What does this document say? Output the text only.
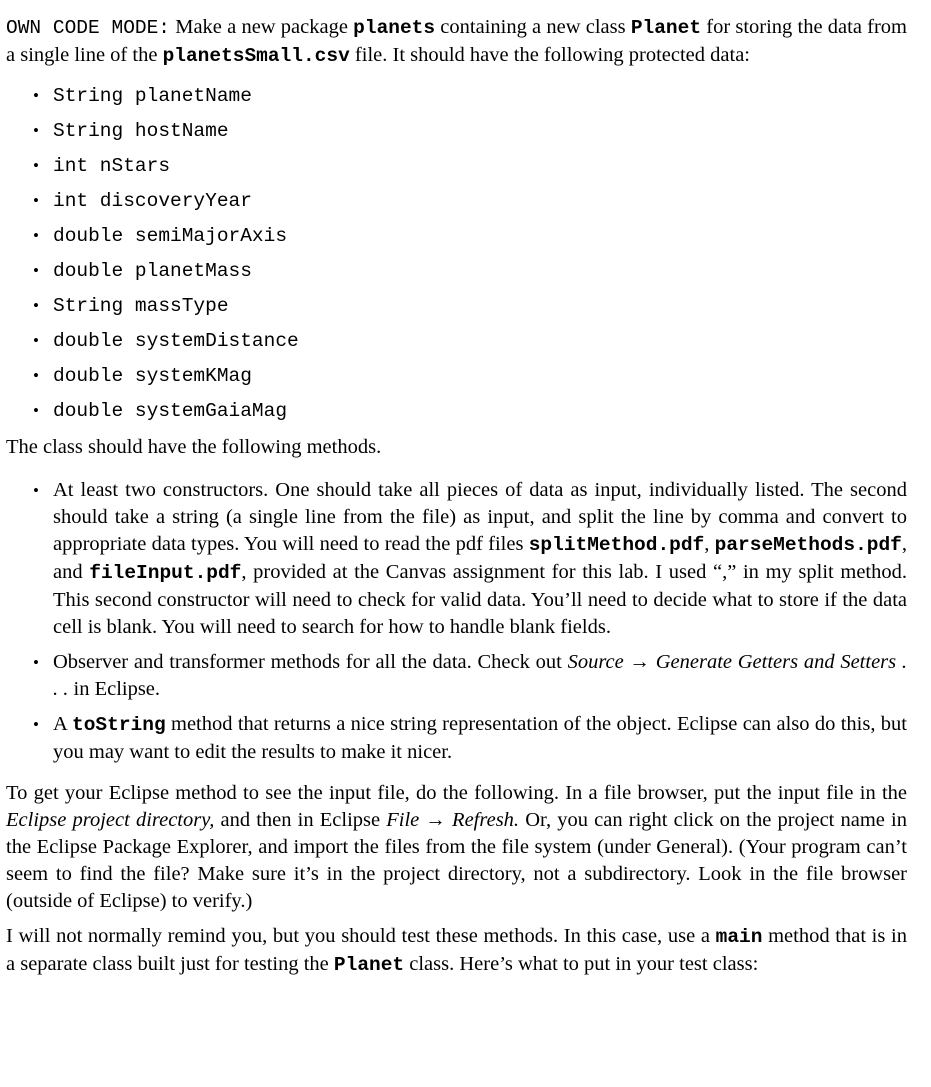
OWN CODE MODE: Make a new package planets containing a new class Planet for storing the data from a single line of the planetsSmall.csv file. It should have the following protected data:

• String planetName
• String hostName
• int nStars
• int discoveryYear
• double semiMajorAxis
• double planetMass
• String massType
• double systemDistance
• double systemKMag
• double systemGaiaMag

The class should have the following methods.

• At least two constructors. One should take all pieces of data as input, individually listed. The second should take a string (a single line from the file) as input, and split the line by comma and convert to appropriate data types. You will need to read the pdf files splitMethod.pdf, parseMethods.pdf, and fileInput.pdf, provided at the Canvas assignment for this lab. I used “,” in my split method. This second constructor will need to check for valid data. You’ll need to decide what to store if the data cell is blank. You will need to search for how to handle blank fields.
• Observer and transformer methods for all the data. Check out Source → Generate Getters and Setters . . . in Eclipse.
• A toString method that returns a nice string representation of the object. Eclipse can also do this, but you may want to edit the results to make it nicer.

To get your Eclipse method to see the input file, do the following. In a file browser, put the input file in the Eclipse project directory, and then in Eclipse File → Refresh. Or, you can right click on the project name in the Eclipse Package Explorer, and import the files from the file system (under General). (Your program can’t seem to find the file? Make sure it’s in the project directory, not a subdirectory. Look in the file browser (outside of Eclipse) to verify.)

I will not normally remind you, but you should test these methods. In this case, use a main method that is in a separate class built just for testing the Planet class. Here’s what to put in your test class:
